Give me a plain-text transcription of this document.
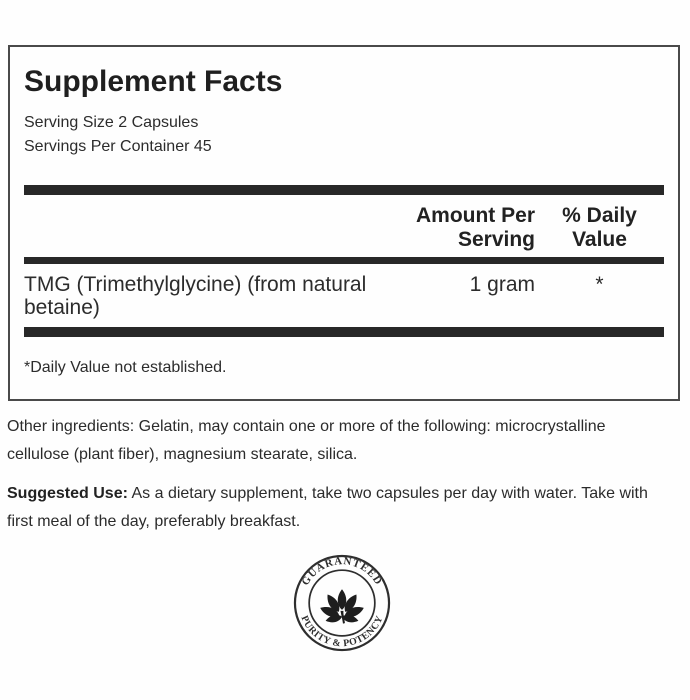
Supplement Facts
Serving Size 2 Capsules
Servings Per Container 45
Amount Per Serving
% Daily Value
TMG (Trimethylglycine) (from natural
betaine)
1 gram	*
*Daily Value not established.
Other ingredients: Gelatin, may contain one or more of the following: microcrystalline
cellulose (plant fiber), magnesium stearate, silica.
Suggested Use: As a dietary supplement, take two capsules per day with water. Take with
first meal of the day, preferably breakfast.
GUARANTEED
PURITY & POTENCY
